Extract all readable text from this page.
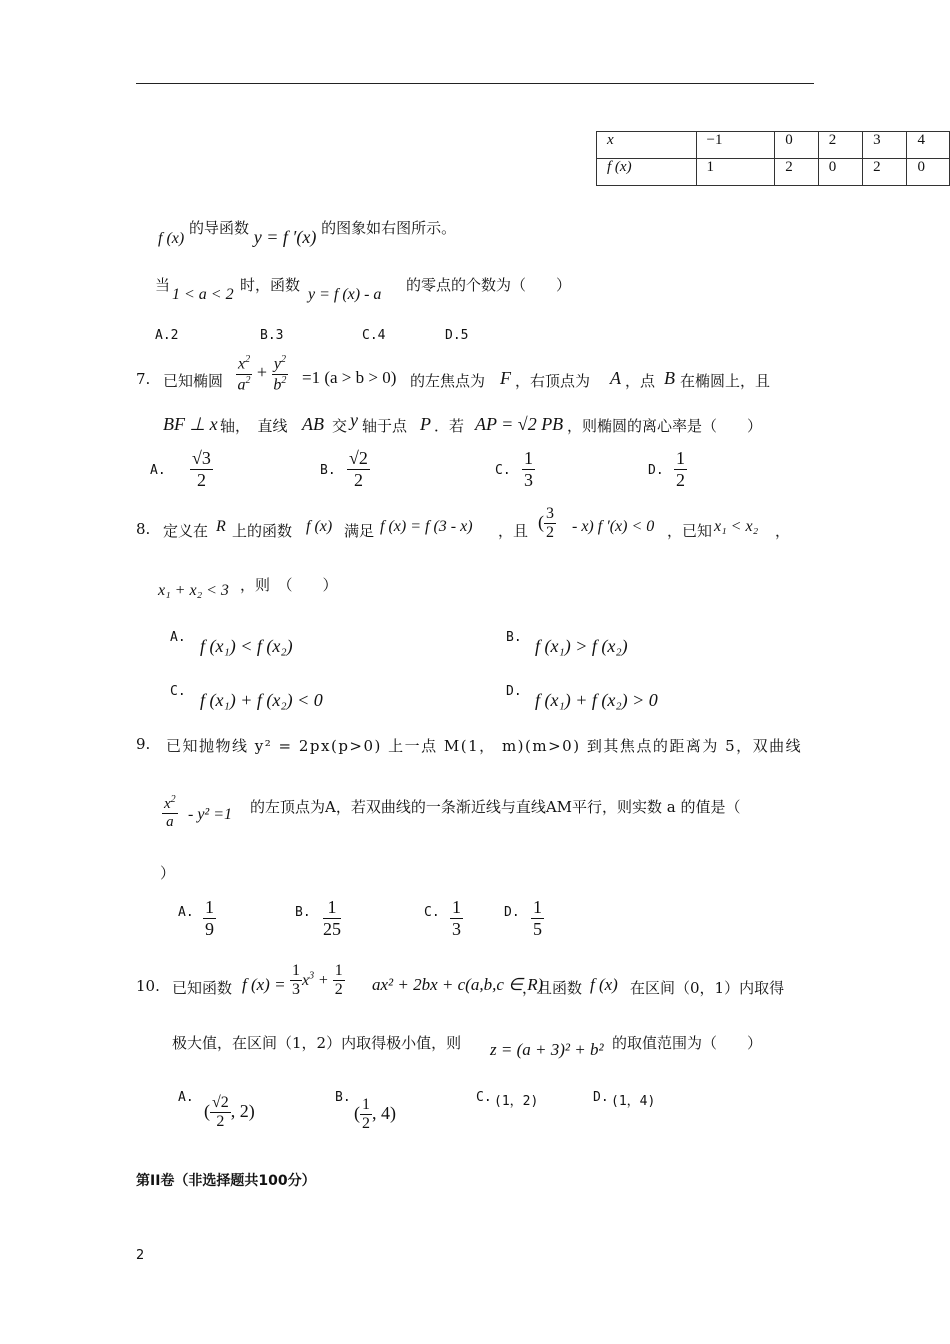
x	−1	0	2	3	4
f (x)	1	2	0	2	0
f (x) 的导函数 y = f ′(x) 的图象如右图所示。
当
1 < a < 2
时，函数
y = f (x) - a
的零点的个数为（　　）
A.2	B.3	C.4	D.5
7. 已知椭圆 $\frac{x^2}{a^2} + \frac{y^2}{b^2} =1$ (a > b > 0) 的左焦点为 F ，右顶点为 A ，点 B 在椭圆上，且
BF ⊥ x 轴，　直线 AB 交 y 轴于点 P ．若 AP = √2 PB ，则椭圆的离心率是（　　）
A. $\frac{√3}{2}$	B. $\frac{√2}{2}$	C. $\frac{1}{3}$	D. $\frac{1}{2}$
8. 定义在 R 上的函数 f (x) 满足 f (x) = f (3 - x) ，且 ( $\frac{3}{2} - x$) f ′(x) < 0 ，已知 x₁ < x₂ ，
x₁ + x₂ < 3 ，则　（　　）
A. f (x₁) < f (x₂)	B. f (x₁) > f (x₂)
C. f (x₁) + f (x₂) < 0	D. f (x₁) + f (x₂) > 0
9. 已知抛物线 y² = 2px(p>0) 上一点 M(1， m)(m>0) 到其焦点的距离为 5，双曲线
$\frac{x^2}{a} - y^2 =1$ 的左顶点为A，若双曲线的一条渐近线与直线AM平行，则实数 a 的值是（
）
A. $\frac{1}{9}$	B. $\frac{1}{25}$	C. $\frac{1}{3}$	D. $\frac{1}{5}$
10. 已知函数 f $(x) = \frac{1}{3} x^3 + \frac{1}{2} ax^2 + 2bx + c(a,b,c$ ∈ R)
，且函数 f (x) 在区间（0，1）内取得
极大值，在区间（1，2）内取得极小值，则 z = (a + 3)² + b² 的取值范围为（　　）
A.
( $\frac{√2}{2}$ , 2)
B.
( $\frac{1}{2}$ , 4)
C. (1，2)	D. (1，4)
第II卷（非选择题共100分）
2
